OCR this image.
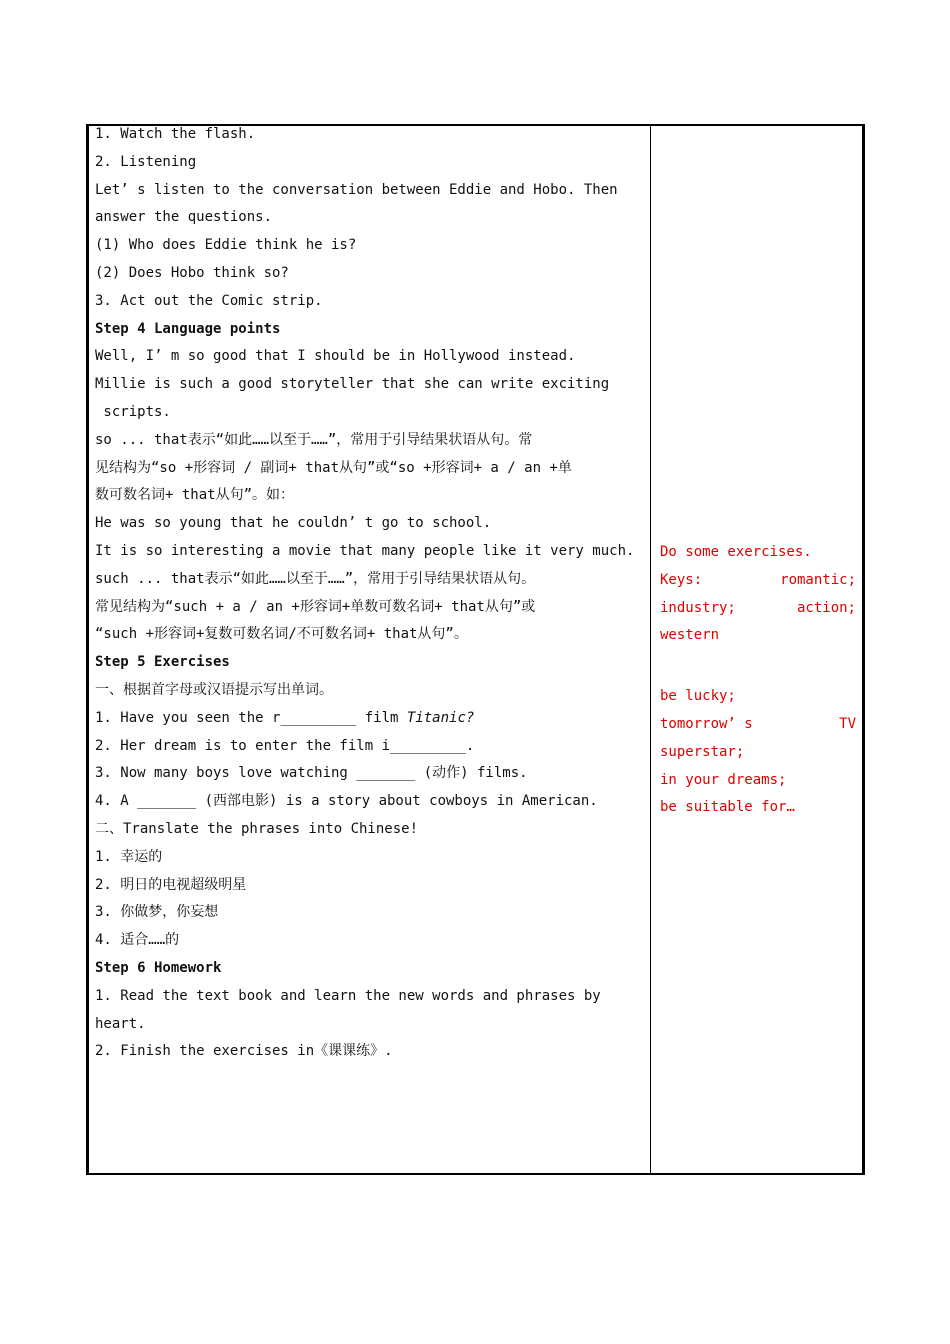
1. Watch the flash.
2. Listening
Let’ s listen to the conversation between Eddie and Hobo. Then
answer the questions.
(1) Who does Eddie think he is?
(2) Does Hobo think so?
3. Act out the Comic strip.
Step 4 Language points
Well, I’ m so good that I should be in Hollywood instead.
Millie is such a good storyteller that she can write exciting
scripts.
so ... that表示“如此……以至于……”，常用于引导结果状语从句。常
见结构为“so +形容词 / 副词+ that从句”或“so +形容词+ a / an +单
数可数名词+ that从句”。如：
He was so young that he couldn’ t go to school.
It is so interesting a movie that many people like it very much.
such ... that表示“如此……以至于……”，常用于引导结果状语从句。
常见结构为“such + a / an +形容词+单数可数名词+ that从句”或
“such +形容词+复数可数名词/不可数名词+ that从句”。
Step 5 Exercises
一、根据首字母或汉语提示写出单词。
1. Have you seen the r_________ film Titanic?
2. Her dream is to enter the film i_________.
3. Now many boys love watching _______ (动作) films.
4. A _______ (西部电影) is a story about cowboys in American.
二、Translate the phrases into Chinese!
1. 幸运的
2. 明日的电视超级明星
3. 你做梦，你妄想
4. 适合……的
Step 6 Homework
1. Read the text book and learn the new words and phrases by
heart.
2. Finish the exercises in《课课练》.
Do some exercises.
Keys:	romantic;
industry;	action;
western
be lucky;
tomorrow’ s	TV
superstar;
in your dreams;
be suitable for…
